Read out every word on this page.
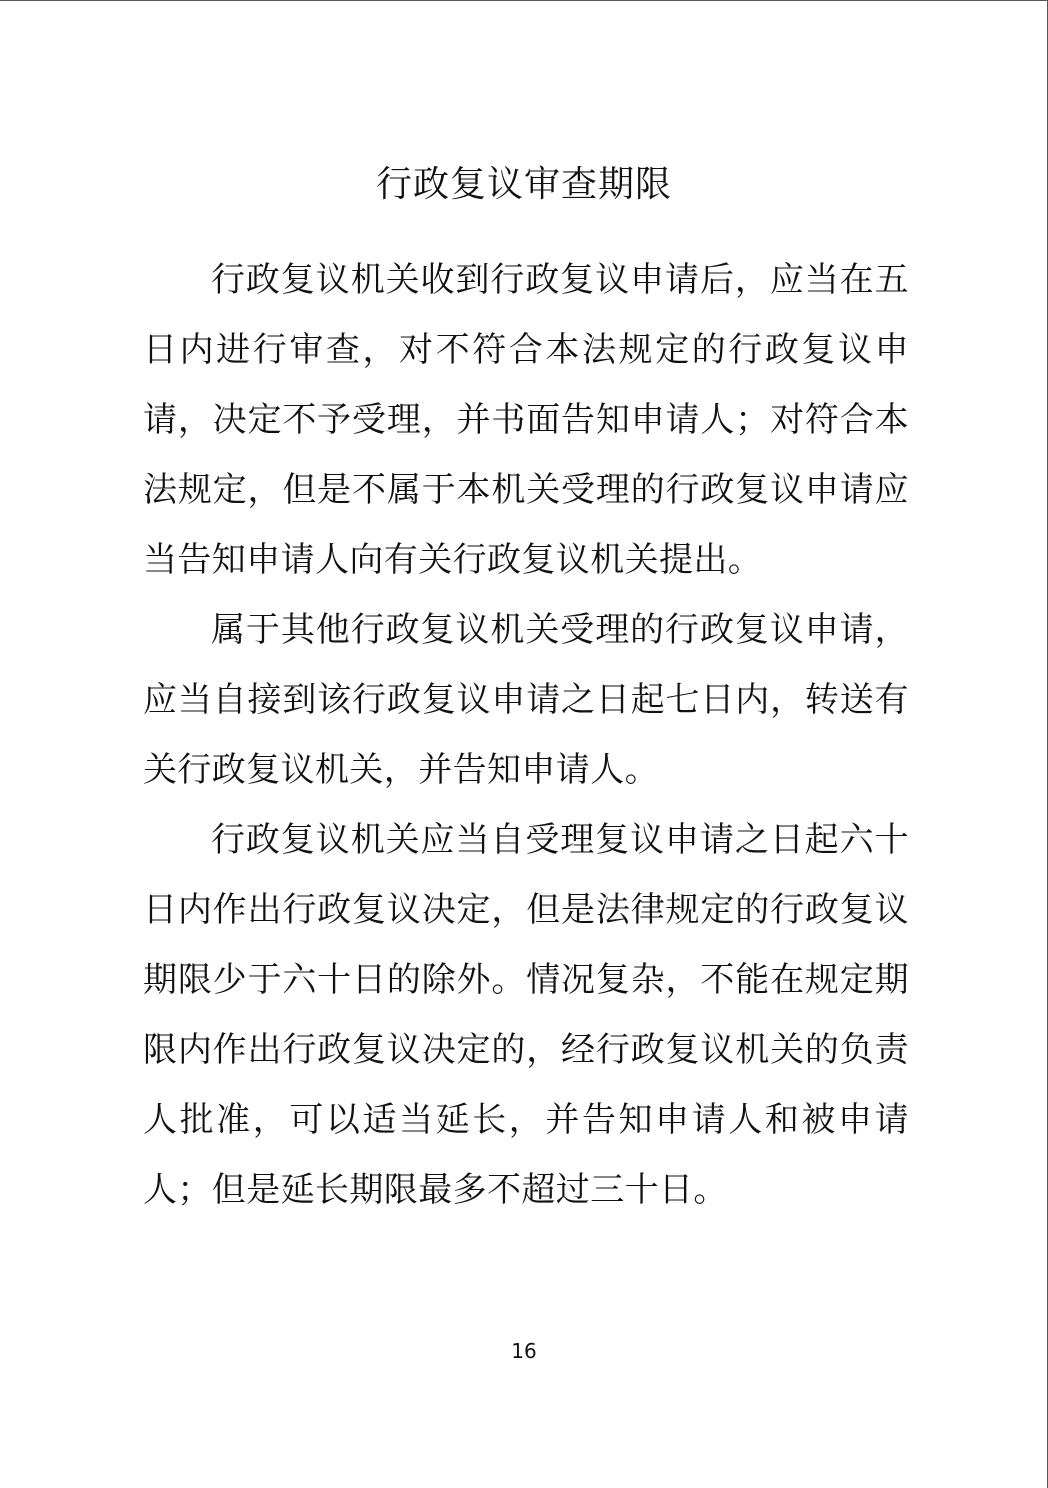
行政复议审查期限

行政复议机关收到行政复议申请后，应当在五日内进行审查，对不符合本法规定的行政复议申请，决定不予受理，并书面告知申请人；对符合本法规定，但是不属于本机关受理的行政复议申请应当告知申请人向有关行政复议机关提出。

属于其他行政复议机关受理的行政复议申请，应当自接到该行政复议申请之日起七日内，转送有关行政复议机关，并告知申请人。

行政复议机关应当自受理复议申请之日起六十日内作出行政复议决定，但是法律规定的行政复议期限少于六十日的除外。情况复杂，不能在规定期限内作出行政复议决定的，经行政复议机关的负责人批准，可以适当延长，并告知申请人和被申请人；但是延长期限最多不超过三十日。

16
